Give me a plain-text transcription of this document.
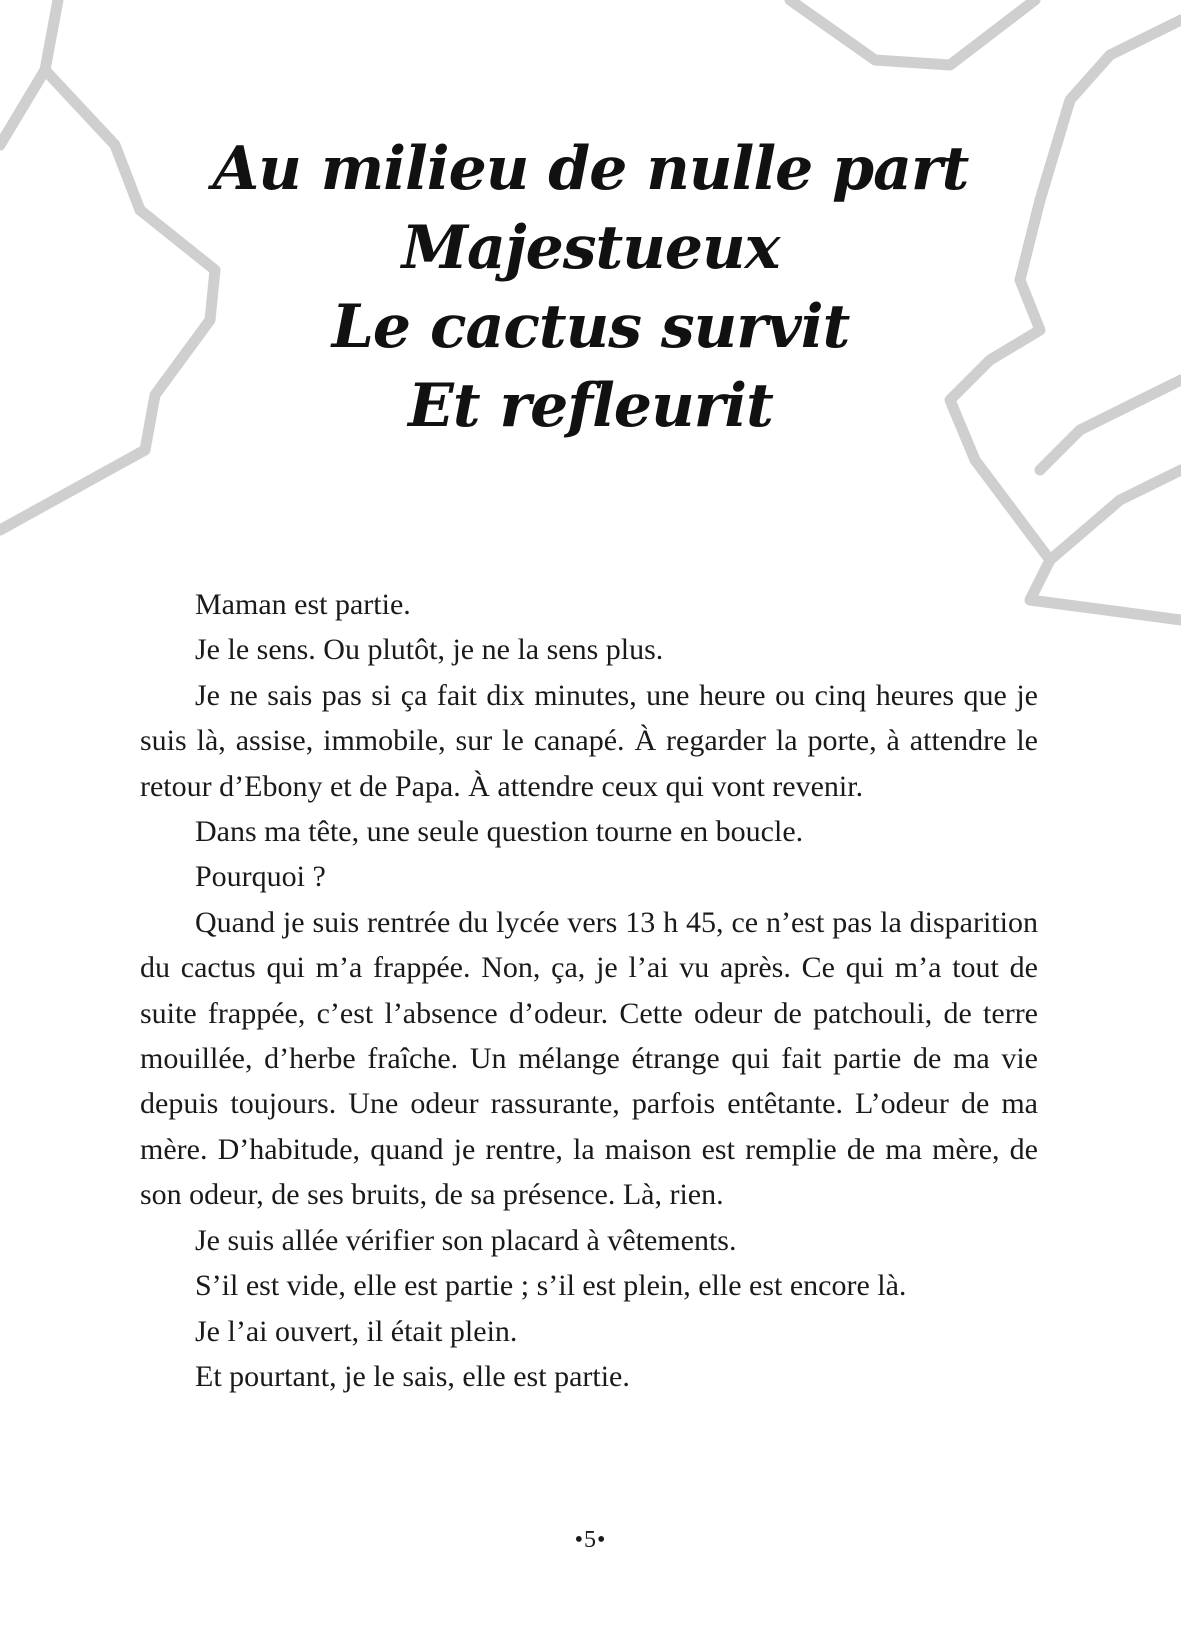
Au milieu de nulle part
Majestueux
Le cactus survit
Et refleurit

Maman est partie.

Je le sens. Ou plutôt, je ne la sens plus.

Je ne sais pas si ça fait dix minutes, une heure ou cinq heures que je suis là, assise, immobile, sur le canapé. À regarder la porte, à attendre le retour d’Ebony et de Papa. À attendre ceux qui vont revenir.

Dans ma tête, une seule question tourne en boucle.

Pourquoi ?

Quand je suis rentrée du lycée vers 13 h 45, ce n’est pas la disparition du cactus qui m’a frappée. Non, ça, je l’ai vu après. Ce qui m’a tout de suite frappée, c’est l’absence d’odeur. Cette odeur de patchouli, de terre mouillée, d’herbe fraîche. Un mélange étrange qui fait partie de ma vie depuis toujours. Une odeur rassurante, parfois entêtante. L’odeur de ma mère. D’habitude, quand je rentre, la maison est remplie de ma mère, de son odeur, de ses bruits, de sa présence. Là, rien.

Je suis allée vérifier son placard à vêtements.

S’il est vide, elle est partie ; s’il est plein, elle est encore là.

Je l’ai ouvert, il était plein.

Et pourtant, je le sais, elle est partie.

•5•
